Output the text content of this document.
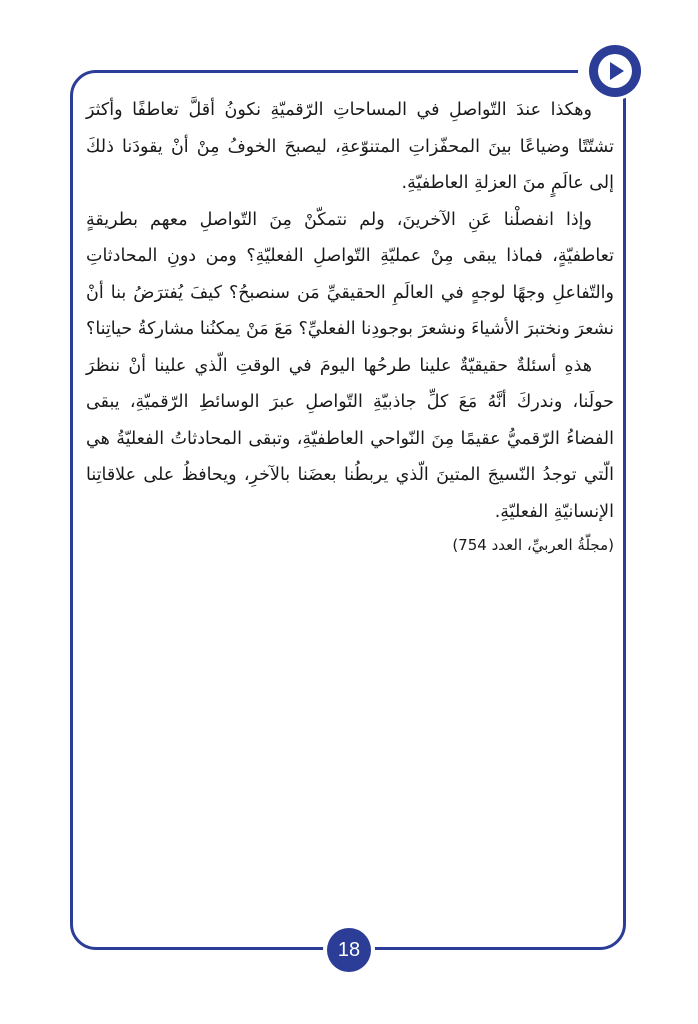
وهكذا عندَ التّواصلِ في المساحاتِ الرّقميّةِ نكونُ أقلَّ تعاطفًا وأكثرَ تشتّتًا وضياعًا بينَ المحفّزاتِ المتنوّعةِ، ليصبحَ الخوفُ مِنْ أنْ يقودَنا ذلكَ إلى عالَمٍ منَ العزلةِ العاطفيّةِ.

وإذا انفصلْنا عَنِ الآخرينَ، ولم نتمكّنْ مِنَ التّواصلِ معهم بطريقةٍ تعاطفيّةٍ، فماذا يبقى مِنْ عمليّةِ التّواصلِ الفعليّةِ؟ ومن دونِ المحادثاتِ والتّفاعلِ وجهًا لوجهٍ في العالَمِ الحقيقيِّ مَن سنصبحُ؟ كيفَ يُفترَضُ بنا أنْ نشعرَ ونختبرَ الأشياءَ ونشعرَ بوجودِنا الفعليِّ؟ مَعَ مَنْ يمكنُنا مشاركةُ حياتِنا؟

هذهِ أسئلةٌ حقيقيّةٌ علينا طرحُها اليومَ في الوقتِ الّذي علينا أنْ ننظرَ حولَنا، وندركَ أنَّهُ مَعَ كلِّ جاذبيّةِ التّواصلِ عبرَ الوسائطِ الرّقميّةِ، يبقى الفضاءُ الرّقميُّ عقيمًا مِنَ النّواحي العاطفيّةِ، وتبقى المحادثاتُ الفعليّةُ هي الّتي توجدُ النّسيجَ المتينَ الّذي يربطُنا بعضَنا بالآخرِ، ويحافظُ على علاقاتِنا الإنسانيّةِ الفعليّةِ.

(مجلّةُ العربيِّ، العدد 754)

18
